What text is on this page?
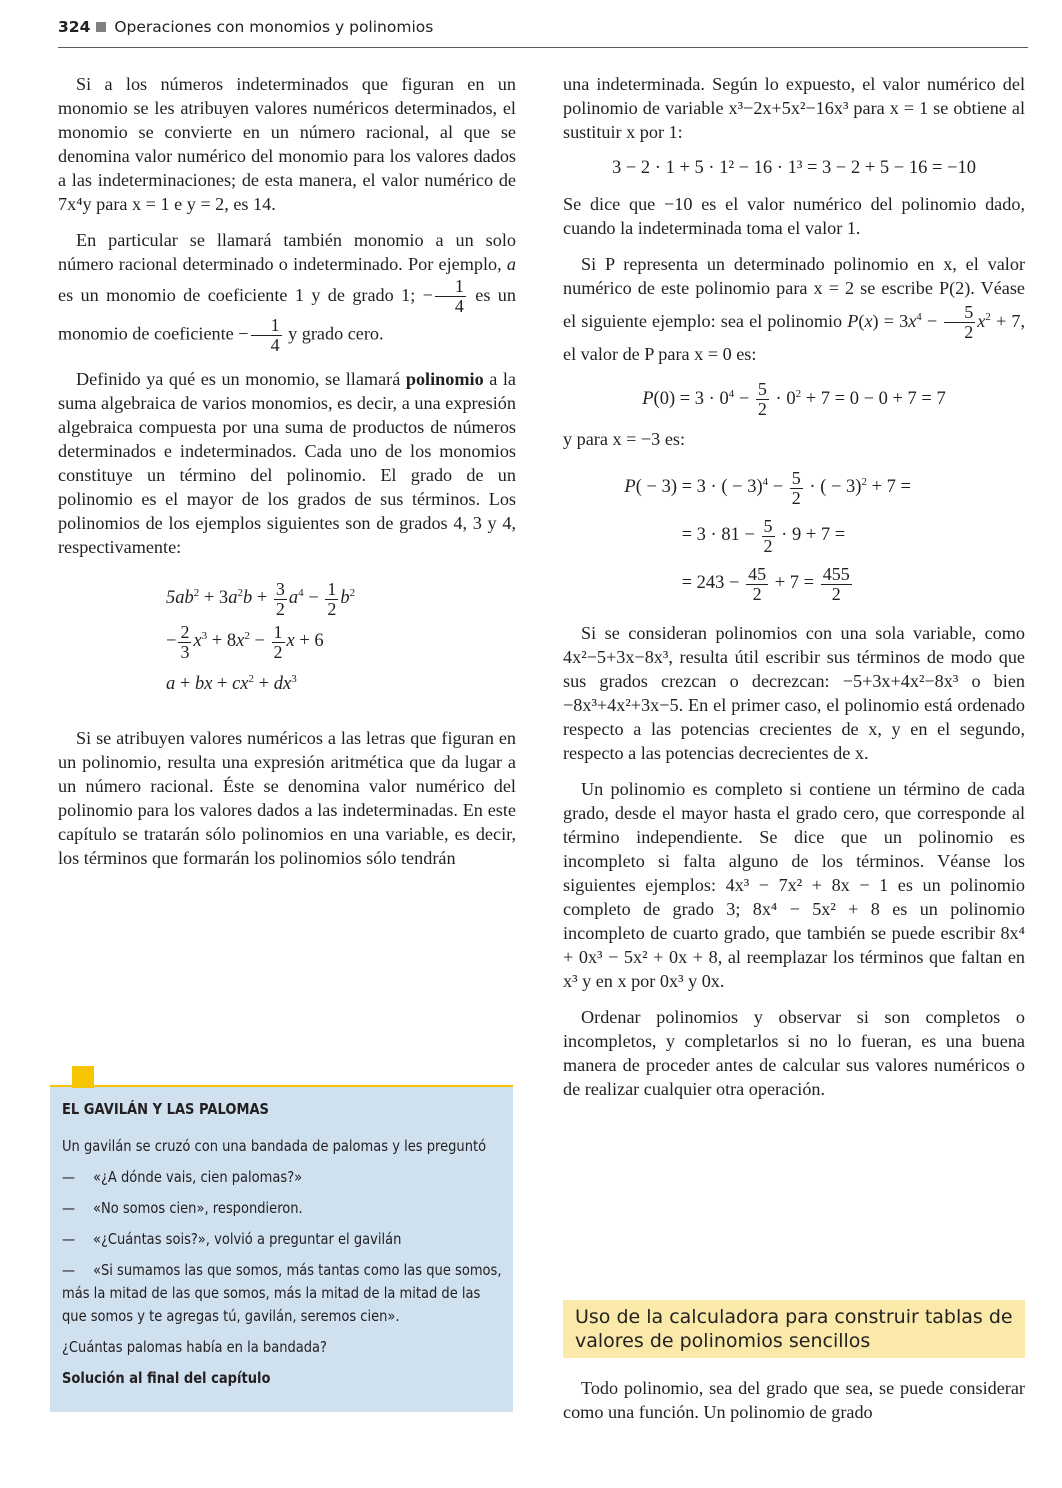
324 Operaciones con monomios y polinomios

Si a los números indeterminados que figuran en un monomio se les atribuyen valores numéricos determinados, el monomio se convierte en un número racional, al que se denomina valor numérico del monomio para los valores dados a las indeterminaciones; de esta manera, el valor numérico de 7x⁴y para x = 1 e y = 2, es 14.

En particular se llamará también monomio a un solo número racional determinado o indeterminado. Por ejemplo, a es un monomio de coeficiente 1 y de grado 1; − $\frac{1}{4}$ es un monomio de coeficiente − $\frac{1}{4}$ y grado cero.

Definido ya qué es un monomio, se llamará polinomio a la suma algebraica de varios monomios, es decir, a una expresión algebraica compuesta por una suma de productos de números determinados e indeterminados. Cada uno de los monomios constituye un término del polinomio. El grado de un polinomio es el mayor de los grados de sus términos. Los polinomios de los ejemplos siguientes son de grados 4, 3 y 4, respectivamente:

$5ab^2 + 3a^2b + \frac{3}{2} a^4 - \frac{1}{2} b^2$
− $\frac{2}{3} x^3 + 8x^2 - \frac{1}{2}$ x + 6
a + bx + $cx^2 + dx^3$

Si se atribuyen valores numéricos a las letras que figuran en un polinomio, resulta una expresión aritmética que da lugar a un número racional. Éste se denomina valor numérico del polinomio para los valores dados a las indeterminadas. En este capítulo se tratarán sólo polinomios en una variable, es decir, los términos que formarán los polinomios sólo tendrán

EL GAVILÁN Y LAS PALOMAS
Un gavilán se cruzó con una bandada de palomas y les preguntó
— «¿A dónde vais, cien palomas?»
— «No somos cien», respondieron.
— «¿Cuántas sois?», volvió a preguntar el gavilán
— «Si sumamos las que somos, más tantas como las que somos, más la mitad de las que somos, más la mitad de la mitad de las que somos y te agregas tú, gavilán, seremos cien».
¿Cuántas palomas había en la bandada?
Solución al final del capítulo

una indeterminada. Según lo expuesto, el valor numérico del polinomio de variable x³−2x+5x²−16x³ para x = 1 se obtiene al sustituir x por 1:

3 − 2 · 1 + 5 · 1² − 16 · 1³ = 3 − 2 + 5 − 16 = −10

Se dice que −10 es el valor numérico del polinomio dado, cuando la indeterminada toma el valor 1.

Si P representa un determinado polinomio en x, el valor numérico de este polinomio para x = 2 se escribe P(2). Véase el siguiente ejemplo: sea el polinomio $P(x) = 3x^4 - \frac{5}{2} x^2 + 7$, el valor de P para x = 0 es:

$P(0) = 3 \cdot 0^4 - \frac{5}{2} \cdot 0^2 + 7 = 0 - 0 + 7 = 7$

y para x = −3 es:

P( − 3) = 3 · ( − $3)^4 - \frac{5}{2}$ · ( − 3)$^2$ + 7 =
= $3 \cdot 81 - \frac{5}{2} \cdot 9 + 7$ =
= $243 - \frac{45}{2} + 7 = \frac{455}{2}$

Si se consideran polinomios con una sola variable, como 4x²−5+3x−8x³, resulta útil escribir sus términos de modo que sus grados crezcan o decrezcan: −5+3x+4x²−8x³ o bien −8x³+4x²+3x−5. En el primer caso, el polinomio está ordenado respecto a las potencias crecientes de x, y en el segundo, respecto a las potencias decrecientes de x.

Un polinomio es completo si contiene un término de cada grado, desde el mayor hasta el grado cero, que corresponde al término independiente. Se dice que un polinomio es incompleto si falta alguno de los términos. Véanse los siguientes ejemplos: 4x³ − 7x² + 8x − 1 es un polinomio completo de grado 3; 8x⁴ − 5x² + 8 es un polinomio incompleto de cuarto grado, que también se puede escribir 8x⁴ + 0x³ − 5x² + 0x + 8, al reemplazar los términos que faltan en x³ y en x por 0x³ y 0x.

Ordenar polinomios y observar si son completos o incompletos, y completarlos si no lo fueran, es una buena manera de proceder antes de calcular sus valores numéricos o de realizar cualquier otra operación.

Uso de la calculadora para construir tablas de valores de polinomios sencillos

Todo polinomio, sea del grado que sea, se puede considerar como una función. Un polinomio de grado
